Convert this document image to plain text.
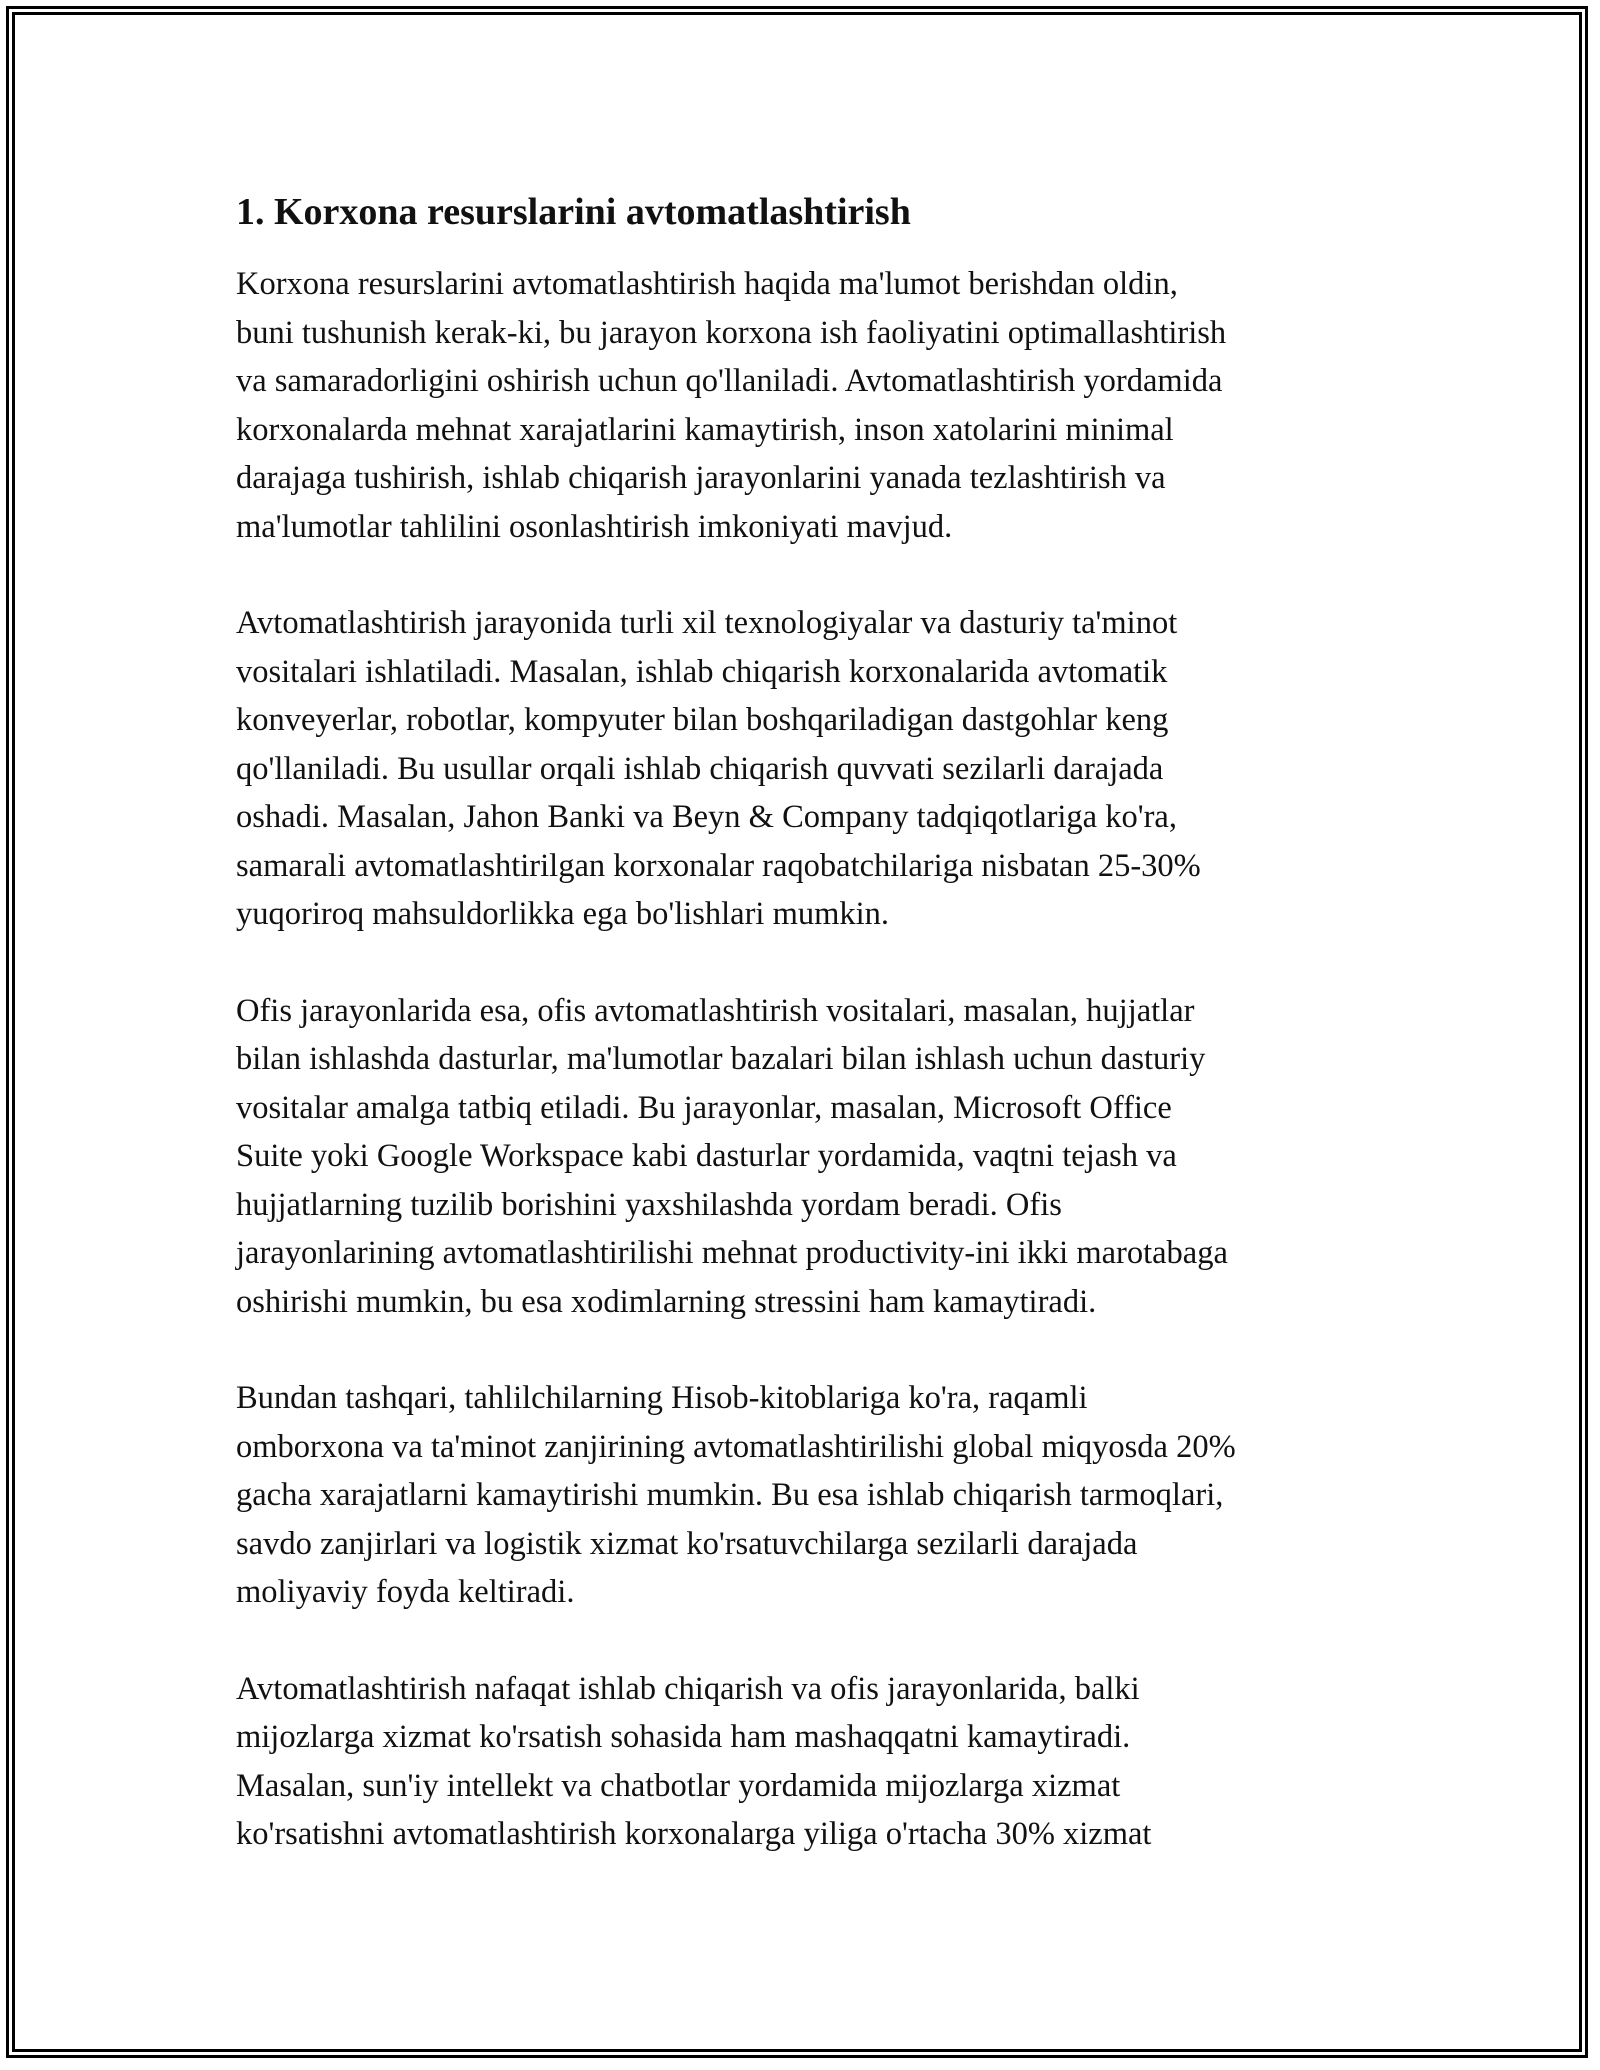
1. Korxona resurslarini avtomatlashtirish
Korxona resurslarini avtomatlashtirish haqida ma'lumot berishdan oldin,
buni tushunish kerak-ki, bu jarayon korxona ish faoliyatini optimallashtirish
va samaradorligini oshirish uchun qo'llaniladi. Avtomatlashtirish yordamida
korxonalarda mehnat xarajatlarini kamaytirish, inson xatolarini minimal
darajaga tushirish, ishlab chiqarish jarayonlarini yanada tezlashtirish va
ma'lumotlar tahlilini osonlashtirish imkoniyati mavjud.
Avtomatlashtirish jarayonida turli xil texnologiyalar va dasturiy ta'minot
vositalari ishlatiladi. Masalan, ishlab chiqarish korxonalarida avtomatik
konveyerlar, robotlar, kompyuter bilan boshqariladigan dastgohlar keng
qo'llaniladi. Bu usullar orqali ishlab chiqarish quvvati sezilarli darajada
oshadi. Masalan, Jahon Banki va Beyn & Company tadqiqotlariga ko'ra,
samarali avtomatlashtirilgan korxonalar raqobatchilariga nisbatan 25-30%
yuqoriroq mahsuldorlikka ega bo'lishlari mumkin.
Ofis jarayonlarida esa, ofis avtomatlashtirish vositalari, masalan, hujjatlar
bilan ishlashda dasturlar, ma'lumotlar bazalari bilan ishlash uchun dasturiy
vositalar amalga tatbiq etiladi. Bu jarayonlar, masalan, Microsoft Office
Suite yoki Google Workspace kabi dasturlar yordamida, vaqtni tejash va
hujjatlarning tuzilib borishini yaxshilashda yordam beradi. Ofis
jarayonlarining avtomatlashtirilishi mehnat productivity-ini ikki marotabaga
oshirishi mumkin, bu esa xodimlarning stressini ham kamaytiradi.
Bundan tashqari, tahlilchilarning Hisob-kitoblariga ko'ra, raqamli
omborxona va ta'minot zanjirining avtomatlashtirilishi global miqyosda 20%
gacha xarajatlarni kamaytirishi mumkin. Bu esa ishlab chiqarish tarmoqlari,
savdo zanjirlari va logistik xizmat ko'rsatuvchilarga sezilarli darajada
moliyaviy foyda keltiradi.
Avtomatlashtirish nafaqat ishlab chiqarish va ofis jarayonlarida, balki
mijozlarga xizmat ko'rsatish sohasida ham mashaqqatni kamaytiradi.
Masalan, sun'iy intellekt va chatbotlar yordamida mijozlarga xizmat
ko'rsatishni avtomatlashtirish korxonalarga yiliga o'rtacha 30% xizmat
